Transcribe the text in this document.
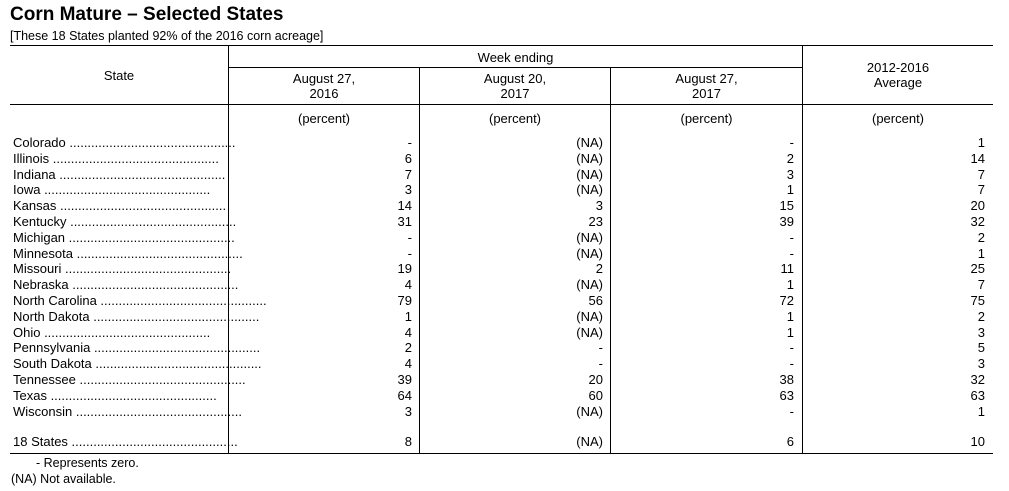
Corn Mature – Selected States
[These 18 States planted 92% of the 2016 corn acreage]
State
Week ending
August 27,
2016
August 20,
2017
August 27,
2017
2012-2016
Average
(percent)	(percent)	(percent)	(percent)
Colorado ..............................................	-	(NA)	-	1
Illinois ..............................................	6	(NA)	2	14
Indiana ..............................................	7	(NA)	3	7
Iowa ..............................................	3	(NA)	1	7
Kansas ..............................................	14	3	15	20
Kentucky ..............................................	31	23	39	32
Michigan ..............................................	-	(NA)	-	2
Minnesota ..............................................	-	(NA)	-	1
Missouri ..............................................	19	2	11	25
Nebraska ..............................................	4	(NA)	1	7
North Carolina ..............................................	79	56	72	75
North Dakota ..............................................	1	(NA)	1	2
Ohio ..............................................	4	(NA)	1	3
Pennsylvania ..............................................	2	-	-	5
South Dakota ..............................................	4	-	-	3
Tennessee ..............................................	39	20	38	32
Texas ..............................................	64	60	63	63
Wisconsin ..............................................	3	(NA)	-	1
18 States ..............................................	8	(NA)	6	10
- Represents zero.
(NA) Not available.
